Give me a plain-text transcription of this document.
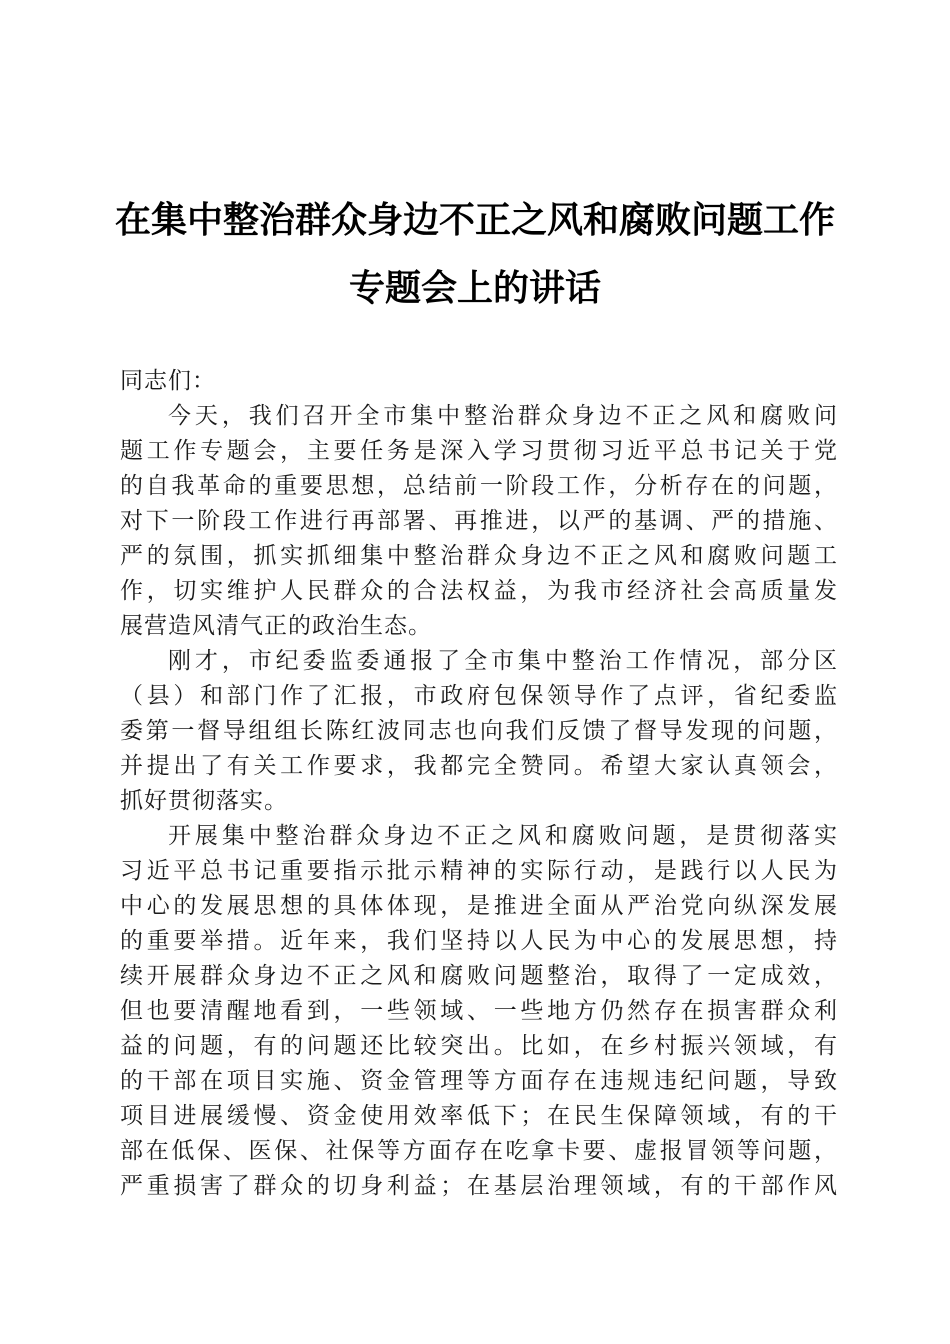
在集中整治群众身边不正之风和腐败问题工作
专题会上的讲话
同志们：
今天，我们召开全市集中整治群众身边不正之风和腐败问
题工作专题会，主要任务是深入学习贯彻习近平总书记关于党
的自我革命的重要思想，总结前一阶段工作，分析存在的问题，
对下一阶段工作进行再部署、再推进，以严的基调、严的措施、
严的氛围，抓实抓细集中整治群众身边不正之风和腐败问题工
作，切实维护人民群众的合法权益，为我市经济社会高质量发
展营造风清气正的政治生态。
刚才，市纪委监委通报了全市集中整治工作情况，部分区
（县）和部门作了汇报，市政府包保领导作了点评，省纪委监
委第一督导组组长陈红波同志也向我们反馈了督导发现的问题，
并提出了有关工作要求，我都完全赞同。希望大家认真领会，
抓好贯彻落实。
开展集中整治群众身边不正之风和腐败问题，是贯彻落实
习近平总书记重要指示批示精神的实际行动，是践行以人民为
中心的发展思想的具体体现，是推进全面从严治党向纵深发展
的重要举措。近年来，我们坚持以人民为中心的发展思想，持
续开展群众身边不正之风和腐败问题整治，取得了一定成效，
但也要清醒地看到，一些领域、一些地方仍然存在损害群众利
益的问题，有的问题还比较突出。比如，在乡村振兴领域，有
的干部在项目实施、资金管理等方面存在违规违纪问题，导致
项目进展缓慢、资金使用效率低下；在民生保障领域，有的干
部在低保、医保、社保等方面存在吃拿卡要、虚报冒领等问题，
严重损害了群众的切身利益；在基层治理领域，有的干部作风
